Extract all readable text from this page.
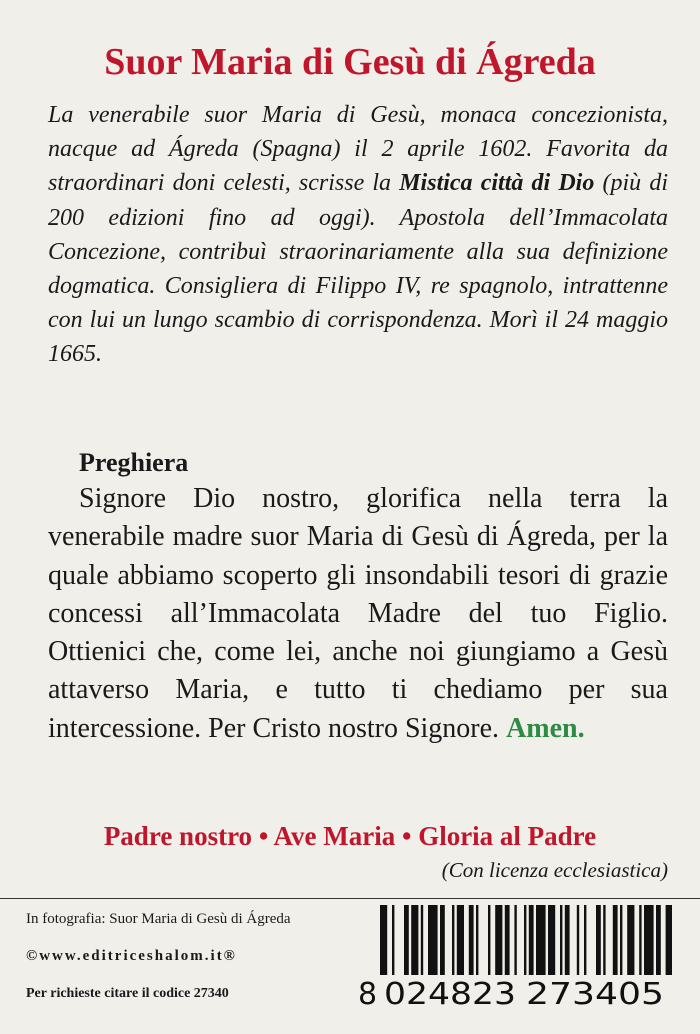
Suor Maria di Gesù di Ágreda
La venerabile suor Maria di Gesù, monaca concezionista, nacque ad Ágreda (Spagna) il 2 aprile 1602. Favorita da straordinari doni celesti, scrisse la Mistica città di Dio (più di 200 edizioni fino ad oggi). Apostola dell’Immacolata Concezione, contribuì straorinariamente alla sua definizione dogmatica. Consigliera di Filippo IV, re spagnolo, intrattenne con lui un lungo scambio di corrispondenza. Morì il 24 maggio 1665.
Preghiera
Signore Dio nostro, glorifica nella terra la venerabile madre suor Maria di Gesù di Ágreda, per la quale abbiamo scoperto gli insondabili tesori di grazie concessi all’Immacolata Madre del tuo Figlio. Ottienici che, come lei, anche noi giungiamo a Gesù attaverso Maria, e tutto ti chediamo per sua intercessione. Per Cristo nostro Signore. Amen.
Padre nostro • Ave Maria • Gloria al Padre
(Con licenza ecclesiastica)
In fotografia: Suor Maria di Gesù di Ágreda
©www.editriceshalom.it®
Per richieste citare il codice 27340	8 024823 273405
